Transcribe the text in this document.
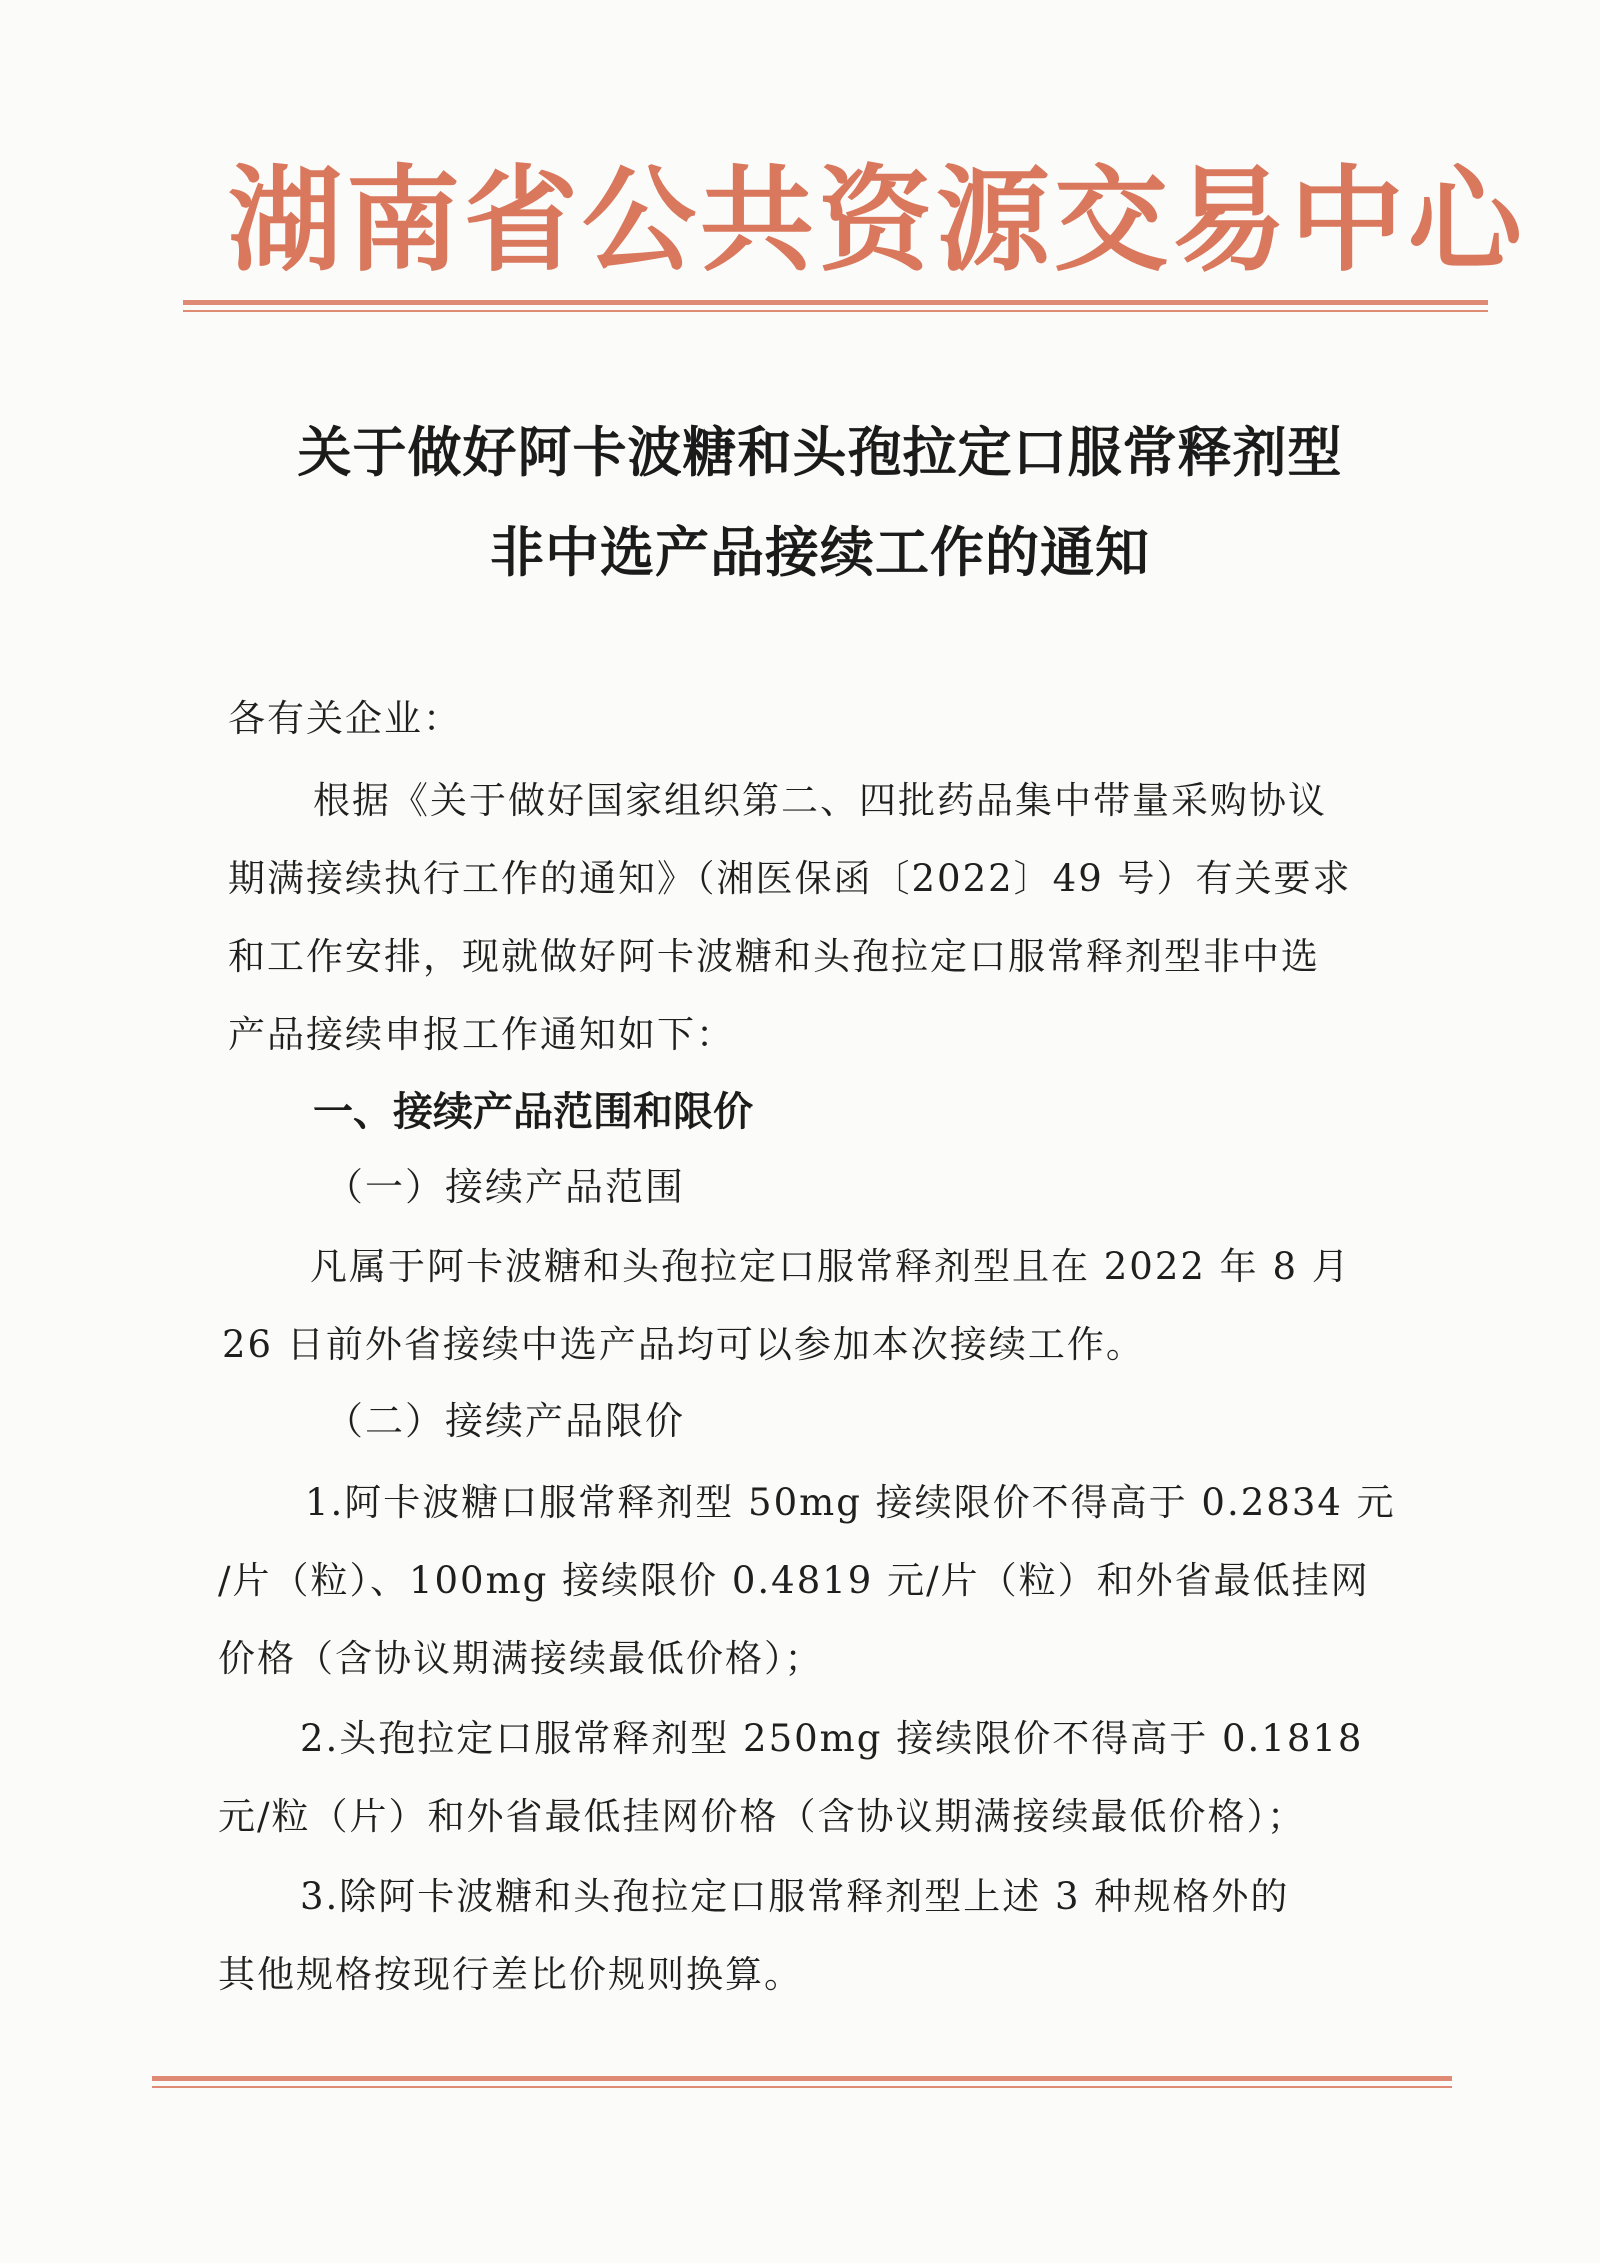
湖南省公共资源交易中心
关于做好阿卡波糖和头孢拉定口服常释剂型
非中选产品接续工作的通知
各有关企业：
根据《关于做好国家组织第二、四批药品集中带量采购协议
期满接续执行工作的通知》（湘医保函〔2022〕49 号）有关要求
和工作安排，现就做好阿卡波糖和头孢拉定口服常释剂型非中选
产品接续申报工作通知如下：
一、接续产品范围和限价
（一）接续产品范围
凡属于阿卡波糖和头孢拉定口服常释剂型且在 2022 年 8 月
26 日前外省接续中选产品均可以参加本次接续工作。
（二）接续产品限价
1.阿卡波糖口服常释剂型 50mg 接续限价不得高于 0.2834 元
/片（粒）、100mg 接续限价 0.4819 元/片（粒）和外省最低挂网
价格（含协议期满接续最低价格）；
2.头孢拉定口服常释剂型 250mg 接续限价不得高于 0.1818
元/粒（片）和外省最低挂网价格（含协议期满接续最低价格）；
3.除阿卡波糖和头孢拉定口服常释剂型上述 3 种规格外的
其他规格按现行差比价规则换算。
